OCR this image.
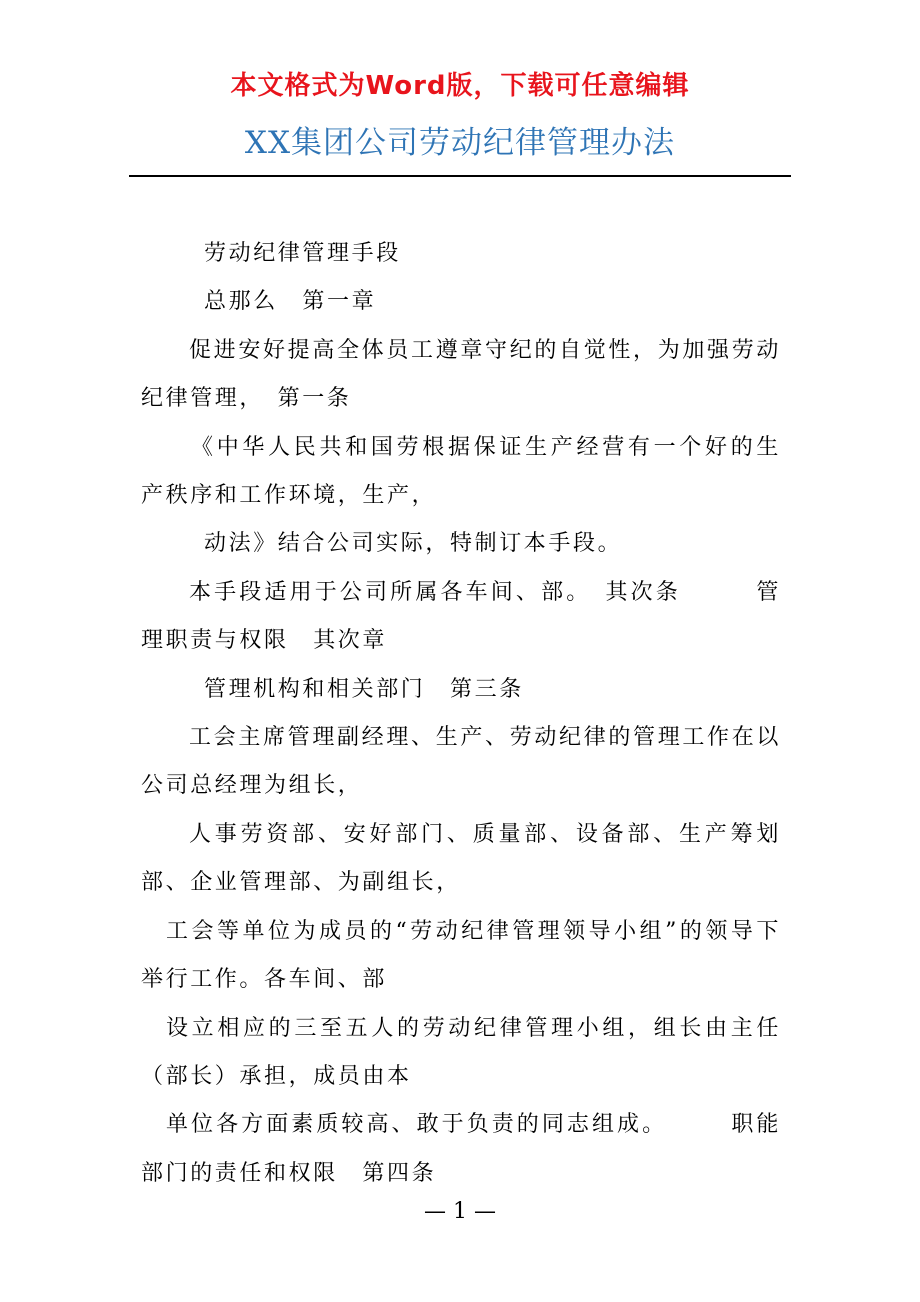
本文格式为Word版，下载可任意编辑
XX集团公司劳动纪律管理办法

劳动纪律管理手段

总那么　第一章

促进安好提高全体员工遵章守纪的自觉性，为加强劳动纪律管理，　第一条

《中华人民共和国劳根据保证生产经营有一个好的生产秩序和工作环境，生产，

动法》结合公司实际，特制订本手段。

本手段适用于公司所属各车间、部。　其次条　　　管理职责与权限　其次章

管理机构和相关部门　第三条

工会主席管理副经理、生产、劳动纪律的管理工作在以公司总经理为组长，

人事劳资部、安好部门、质量部、设备部、生产筹划部、企业管理部、为副组长，

工会等单位为成员的“劳动纪律管理领导小组”的领导下举行工作。各车间、部

设立相应的三至五人的劳动纪律管理小组，组长由主任（部长）承担，成员由本

单位各方面素质较高、敢于负责的同志组成。　　　职能部门的责任和权限　第四条

— 1 —
